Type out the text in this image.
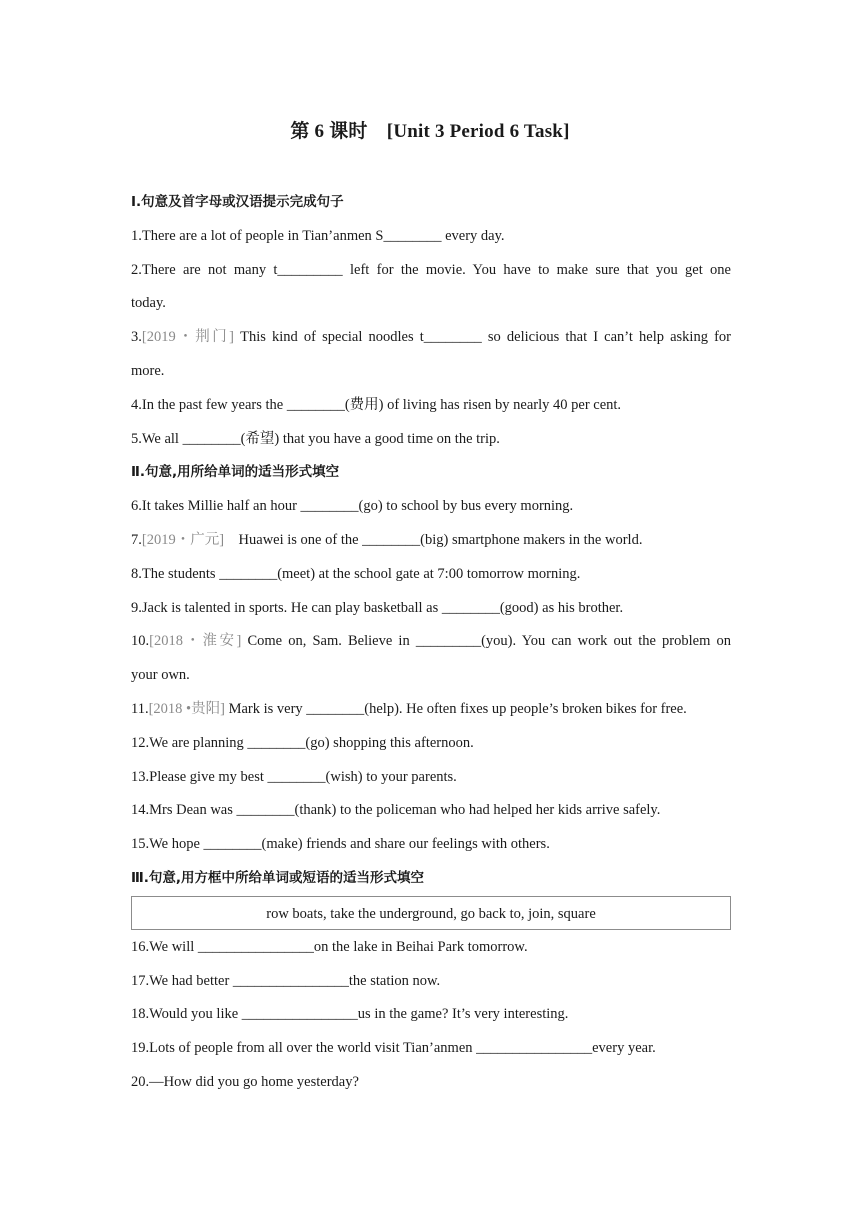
第 6 课时　[Unit 3 Period 6 Task]
Ⅰ.句意及首字母或汉语提示完成句子
1.There are a lot of people in Tian’anmen S________ every day.
2.There are not many t_________ left for the movie. You have to make sure that you get one
today.
3.[2019・荆门] This kind of special noodles t________ so delicious that I can’t help asking for
more.
4.In the past few years the ________(费用) of living has risen by nearly 40 per cent.
5.We all ________(希望) that you have a good time on the trip.
Ⅱ.句意,用所给单词的适当形式填空
6.It takes Millie half an hour ________(go) to school by bus every morning.
7.[2019・广元]　Huawei is one of the ________(big) smartphone makers in the world.
8.The students ________(meet) at the school gate at 7:00 tomorrow morning.
9.Jack is talented in sports. He can play basketball as ________(good) as his brother.
10.[2018・淮安] Come on, Sam. Believe in _________(you). You can work out the problem on
your own.
11.[2018 •贵阳] Mark is very ________(help). He often fixes up people’s broken bikes for free.
12.We are planning ________(go) shopping this afternoon.
13.Please give my best ________(wish) to your parents.
14.Mrs Dean was ________(thank) to the policeman who had helped her kids arrive safely.
15.We hope ________(make) friends and share our feelings with others.
Ⅲ.句意,用方框中所给单词或短语的适当形式填空
row boats, take the underground, go back to, join, square
16.We will ________________on the lake in Beihai Park tomorrow.
17.We had better ________________the station now.
18.Would you like ________________us in the game? It’s very interesting.
19.Lots of people from all over the world visit Tian’anmen ________________every year.
20.—How did you go home yesterday?
